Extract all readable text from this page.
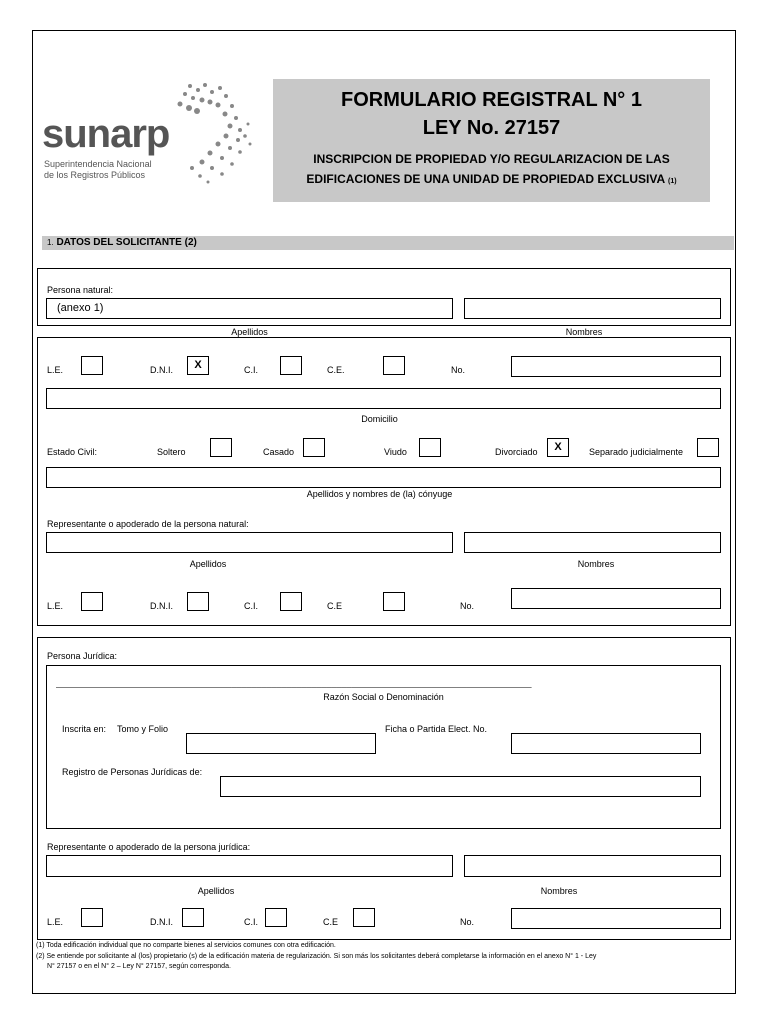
sunarp
Superintendencia Nacional
de los Registros Públicos
FORMULARIO REGISTRAL N° 1
LEY No. 27157
INSCRIPCION DE PROPIEDAD Y/O REGULARIZACION DE LAS
EDIFICACIONES DE UNA UNIDAD DE PROPIEDAD EXCLUSIVA (1)
1. DATOS DEL SOLICITANTE (2)
Persona natural:
(anexo 1)
Apellidos	Nombres
L.E.	D.N.I.	X	C.I.	C.E.	No.
Domicilio
Estado Civil:	Soltero	Casado	Viudo	Divorciado	X	Separado judicialmente
Apellidos y nombres de (la) cónyuge
Representante o apoderado de la persona natural:
Apellidos	Nombres
L.E.	D.N.I.	C.I.	C.E	No.
Persona Jurídica:
_______________________________________________________________________________________________
Razón Social o Denominación
Inscrita en: Tomo y Folio	Ficha o Partida Elect. No.
Registro de Personas Jurídicas de:
Representante o apoderado de la persona jurídica:
Apellidos	Nombres
L.E.	D.N.I.	C.I.	C.E	No.
(1) Toda edificación individual que no comparte bienes al servicios comunes con otra edificación.
(2) Se entiende por solicitante al (los) propietario (s) de la edificación materia de regularización. Si son más los solicitantes deberá completarse la información en el anexo N° 1 - Ley
N° 27157 o en el N° 2 – Ley N° 27157, según corresponda.
